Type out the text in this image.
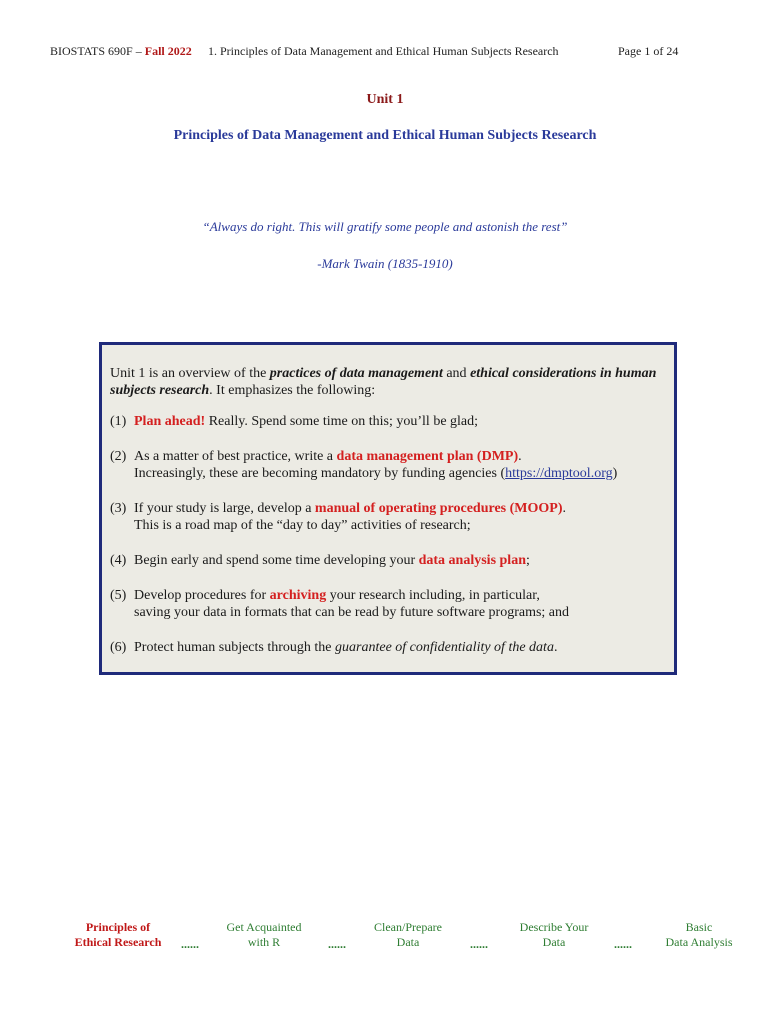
BIOSTATS 690F – Fall 2022 1. Principles of Data Management and Ethical Human Subjects Research	Page 1 of 24
Unit 1
Principles of Data Management and Ethical Human Subjects Research
“Always do right. This will gratify some people and astonish the rest”
-Mark Twain (1835-1910)

Unit 1 is an overview of the practices of data management and ethical considerations in human subjects research. It emphasizes the following:

(1) Plan ahead! Really. Spend some time on this; you’ll be glad;
(2) As a matter of best practice, write a data management plan (DMP).
Increasingly, these are becoming mandatory by funding agencies (https://dmptool.org)
(3) If your study is large, develop a manual of operating procedures (MOOP).
This is a road map of the “day to day” activities of research;
(4) Begin early and spend some time developing your data analysis plan;
(5) Develop procedures for archiving your research including, in particular,
saving your data in formats that can be read by future software programs; and
(6) Protect human subjects through the guarantee of confidentiality of the data.
Principles of
Ethical Research	......
Get Acquainted
with R	......
Clean/Prepare
Data	......
Describe Your
Data	......
Basic
Data Analysis
